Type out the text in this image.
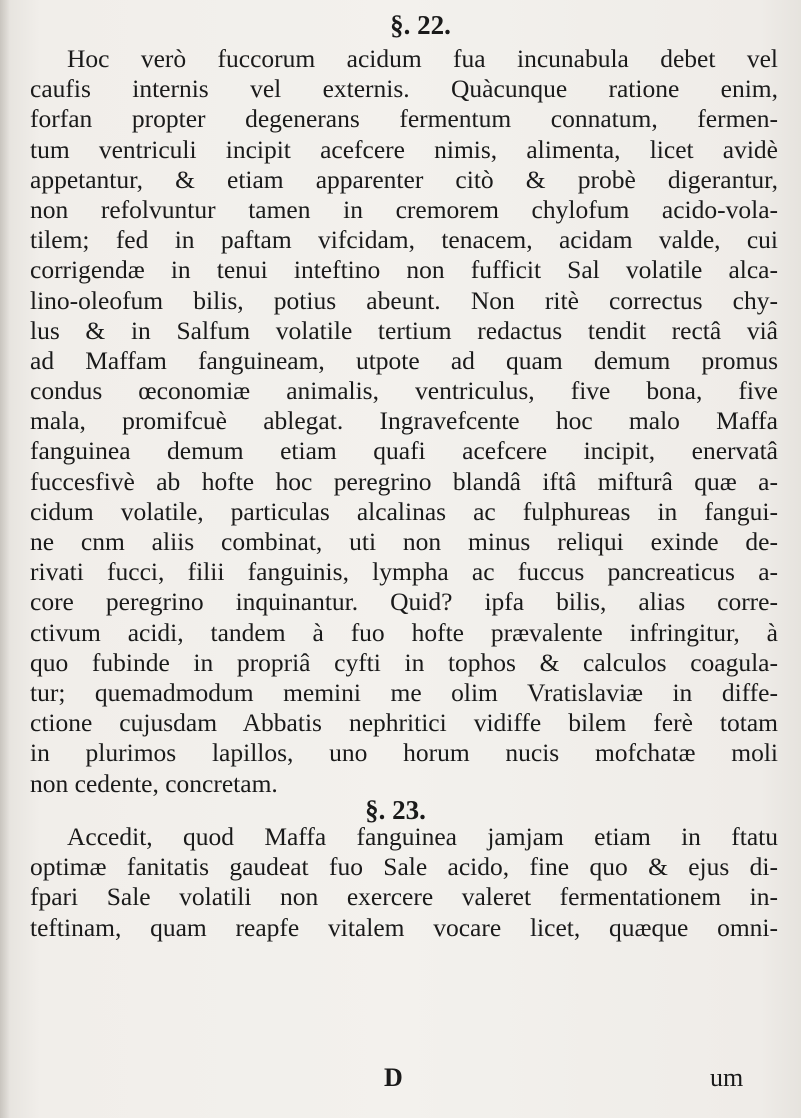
§. 22.
Hoc verò fuccorum acidum fua incunabula debet vel
caufis internis vel externis. Quàcunque ratione enim,
forfan propter degenerans fermentum connatum, fermen-
tum ventriculi incipit acefcere nimis, alimenta, licet avidè
appetantur, & etiam apparenter citò & probè digerantur,
non refolvuntur tamen in cremorem chylofum acido-vola-
tilem; fed in paftam vifcidam, tenacem, acidam valde, cui
corrigendæ in tenui inteftino non fufficit Sal volatile alca-
lino-oleofum bilis, potius abeunt. Non ritè correctus chy-
lus & in Salfum volatile tertium redactus tendit rectâ viâ
ad Maffam fanguineam, utpote ad quam demum promus
condus œconomiæ animalis, ventriculus, five bona, five
mala, promifcuè ablegat. Ingravefcente hoc malo Maffa
fanguinea demum etiam quafi acefcere incipit, enervatâ
fuccesfivè ab hofte hoc peregrino blandâ iftâ mifturâ quæ a-
cidum volatile, particulas alcalinas ac fulphureas in fangui-
ne cnm aliis combinat, uti non minus reliqui exinde de-
rivati fucci, filii fanguinis, lympha ac fuccus pancreaticus a-
core peregrino inquinantur. Quid? ipfa bilis, alias corre-
ctivum acidi, tandem à fuo hofte prævalente infringitur, à
quo fubinde in propriâ cyfti in tophos & calculos coagula-
tur; quemadmodum memini me olim Vratislaviæ in diffe-
ctione cujusdam Abbatis nephritici vidiffe bilem ferè totam
in plurimos lapillos, uno horum nucis mofchatæ moli
non cedente, concretam.
§. 23.
Accedit, quod Maffa fanguinea jamjam etiam in ftatu
optimæ fanitatis gaudeat fuo Sale acido, fine quo & ejus di-
fpari Sale volatili non exercere valeret fermentationem in-
teftinam, quam reapfe vitalem vocare licet, quæque omni-
D	um
